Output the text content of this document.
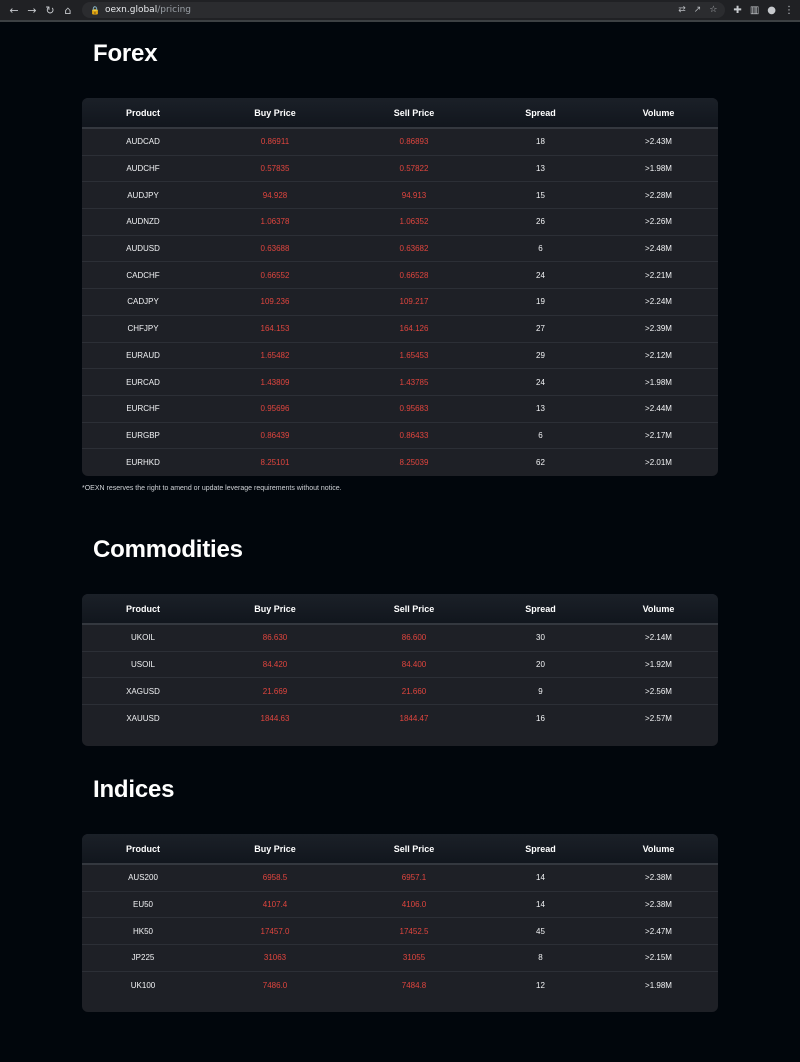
← → ↻ ⌂	🔒 oexn.global/pricing	⇄ ↗ ☆ ✚ ▥ ● ⋮
Forex
Product	Buy Price	Sell Price	Spread	Volume
AUDCAD	0.86911	0.86893	18	>2.43M
AUDCHF	0.57835	0.57822	13	>1.98M
AUDJPY	94.928	94.913	15	>2.28M
AUDNZD	1.06378	1.06352	26	>2.26M
AUDUSD	0.63688	0.63682	6	>2.48M
CADCHF	0.66552	0.66528	24	>2.21M
CADJPY	109.236	109.217	19	>2.24M
CHFJPY	164.153	164.126	27	>2.39M
EURAUD	1.65482	1.65453	29	>2.12M
EURCAD	1.43809	1.43785	24	>1.98M
EURCHF	0.95696	0.95683	13	>2.44M
EURGBP	0.86439	0.86433	6	>2.17M
EURHKD	8.25101	8.25039	62	>2.01M
*OEXN reserves the right to amend or update leverage requirements without notice.
Commodities
Product	Buy Price	Sell Price	Spread	Volume
UKOIL	86.630	86.600	30	>2.14M
USOIL	84.420	84.400	20	>1.92M
XAGUSD	21.669	21.660	9	>2.56M
XAUUSD	1844.63	1844.47	16	>2.57M
Indices
Product	Buy Price	Sell Price	Spread	Volume
AUS200	6958.5	6957.1	14	>2.38M
EU50	4107.4	4106.0	14	>2.38M
HK50	17457.0	17452.5	45	>2.47M
JP225	31063	31055	8	>2.15M
UK100	7486.0	7484.8	12	>1.98M
